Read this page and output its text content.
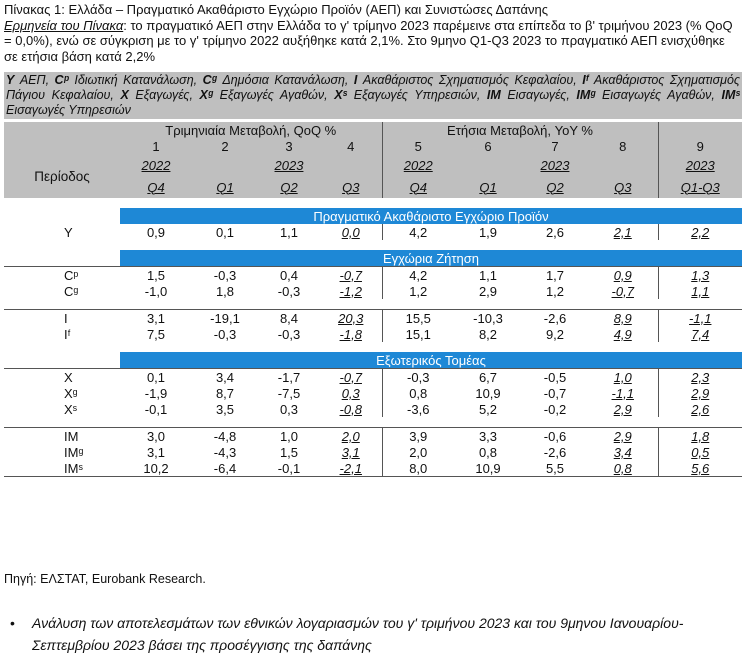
Πίνακας 1: Ελλάδα – Πραγματικό Ακαθάριστο Εγχώριο Προϊόν (ΑΕΠ) και Συνιστώσες Δαπάνης
Ερμηνεία του Πίνακα: το πραγματικό ΑΕΠ στην Ελλάδα το γ' τρίμηνο 2023 παρέμεινε στα επίπεδα το β' τριμήνου 2023 (% QoQ = 0,0%), ενώ σε σύγκριση με το γ' τρίμηνο 2022 αυξήθηκε κατά 2,1%. Στο 9μηνο Q1-Q3 2023 το πραγματικό ΑΕΠ ενισχύθηκε σε ετήσια βάση κατά 2,2%
Y ΑΕΠ, Cᵖ Ιδιωτική Κατανάλωση, Cᵍ Δημόσια Κατανάλωση, I Ακαθάριστος Σχηματισμός Κεφαλαίου, Iᶠ Ακαθάριστος Σχηματισμός Πάγιου Κεφαλαίου, X Εξαγωγές, Xᵍ Εξαγωγές Αγαθών, Xˢ Εξαγωγές Υπηρεσιών, IM Εισαγωγές, IMᵍ Εισαγωγές Αγαθών, IMˢ Εισαγωγές Υπηρεσιών
	Τριμηνιαία Μεταβολή, QoQ %				Ετήσια Μεταβολή, YoY %				
	1	2	3	4	5	6	7	8	9
Περίοδος	2022		2023		2022		2023		2023
	Q4	Q1	Q2	Q3	Q4	Q1	Q2	Q3	Q1-Q3

	Πραγματικό Ακαθάριστο Εγχώριο Προϊόν								
Y	0,9	0,1	1,1	0,0	4,2	1,9	2,6	2,1	2,2

	Εγχώρια Ζήτηση								
Cᵖ	1,5	-0,3	0,4	-0,7	4,2	1,1	1,7	0,9	1,3
Cᵍ	-1,0	1,8	-0,3	-1,2	1,2	2,9	1,2	-0,7	1,1

I	3,1	-19,1	8,4	20,3	15,5	-10,3	-2,6	8,9	-1,1
Iᶠ	7,5	-0,3	-0,3	-1,8	15,1	8,2	9,2	4,9	7,4

	Εξωτερικός Τομέας								
X	0,1	3,4	-1,7	-0,7	-0,3	6,7	-0,5	1,0	2,3
Xᵍ	-1,9	8,7	-7,5	0,3	0,8	10,9	-0,7	-1,1	2,9
Xˢ	-0,1	3,5	0,3	-0,8	-3,6	5,2	-0,2	2,9	2,6

IM	3,0	-4,8	1,0	2,0	3,9	3,3	-0,6	2,9	1,8
IMᵍ	3,1	-4,3	1,5	3,1	2,0	0,8	-2,6	3,4	0,5
IMˢ	10,2	-6,4	-0,1	-2,1	8,0	10,9	5,5	0,8	5,6

Πηγή: ΕΛΣΤΑΤ, Eurobank Research.
•	Ανάλυση των αποτελεσμάτων των εθνικών λογαριασμών του γ' τριμήνου 2023 και του 9μηνου Ιανουαρίου-Σεπτεμβρίου 2023 βάσει της προσέγγισης της δαπάνης
